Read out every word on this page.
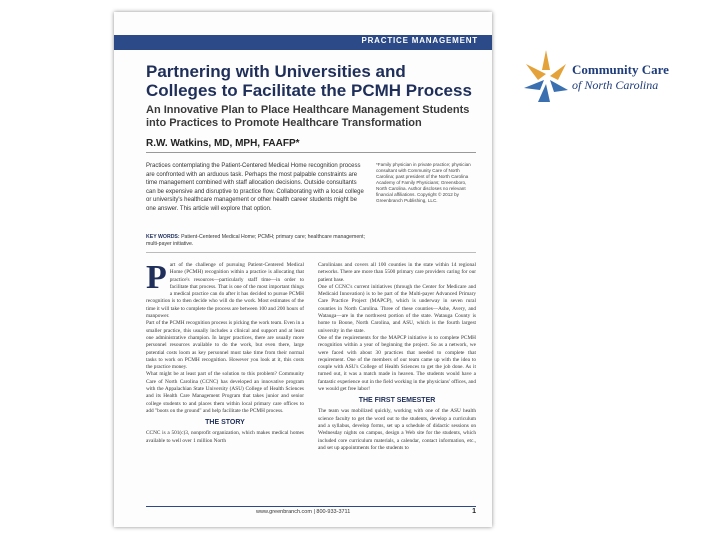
PRACTICE MANAGEMENT
Partnering with Universities and Colleges to Facilitate the PCMH Process
An Innovative Plan to Place Healthcare Management Students into Practices to Promote Healthcare Transformation
R.W. Watkins, MD, MPH, FAAFP*

Practices contemplating the Patient-Centered Medical Home recognition process are confronted with an arduous task. Perhaps the most palpable constraints are time management combined with staff allocation decisions. Outside consultants can be expensive and disruptive to practice flow. Collaborating with a local college or university's healthcare management or other health career students might be one answer. This article will explore that option.

KEY WORDS: Patient-Centered Medical Home; PCMH; primary care; healthcare management; multi-payer initiative.

*Family physician in private practice; physician consultant with Community Care of North Carolina; past president of the North Carolina Academy of Family Physicians; Greensboro, North Carolina. Author discloses no relevant financial affiliations. Copyright © 2012 by Greenbranch Publishing, LLC.

P art of the challenge of pursuing Patient-Centered Medical Home (PCMH) recognition within a practice is allocating that practice's resources—particularly staff time—in order to facilitate that process. That is one of the most important things a medical practice can do after it has decided to pursue PCMH recognition is to then decide who will do the work. Most estimates of the time it will take to complete the process are between 100 and 200 hours of manpower.
Part of the PCMH recognition process is picking the work team. Even in a smaller practice, this usually includes a clinical and support and at least one administrative champion. In larger practices, there are usually more personnel resources available to do the work, but even there, large potential costs loom as key personnel must take time from their normal tasks to work on PCMH recognition. However you look at it, this costs the practice money.
What might be at least part of the solution to this problem? Community Care of North Carolina (CCNC) has developed an innovative program with the Appalachian State University (ASU) College of Health Sciences and its Health Care Management Program that takes junior and senior college students to and places them within local primary care offices to add "boots on the ground" and help facilitate the PCMH process.
THE STORY
CCNC is a 501(c)3, nonprofit organization, which makes medical homes available to well over 1 million North
Carolinians and covers all 100 counties in the state within 14 regional networks. There are more than 5500 primary care providers caring for our patient base.
One of CCNC's current initiatives (through the Center for Medicare and Medicaid Innovation) is to be part of the Multi-payer Advanced Primary Care Practice Project (MAPCP), which is underway in seven rural counties in North Carolina. Three of these counties—Ashe, Avery, and Watauga—are in the northwest portion of the state. Watauga County is home to Boone, North Carolina, and ASU, which is the fourth largest university in the state.
One of the requirements for the MAPCP initiative is to complete PCMH recognition within a year of beginning the project. So as a network, we were faced with about 30 practices that needed to complete that requirement. One of the members of our team came up with the idea to couple with ASU's College of Health Sciences to get the job done. As it turned out, it was a match made in heaven. The students would have a fantastic experience out in the field working in the physicians' offices, and we would get free labor!
THE FIRST SEMESTER
The team was mobilized quickly, working with one of the ASU health science faculty to get the word out to the students, develop a curriculum and a syllabus, develop forms, set up a schedule of didactic sessions on Wednesday nights on campus, design a Web site for the students, which included core curriculum materials, a calendar, contact information, etc., and set up appointments for the students to
www.greenbranch.com | 800-933-3711	1
Community Care
of North Carolina
